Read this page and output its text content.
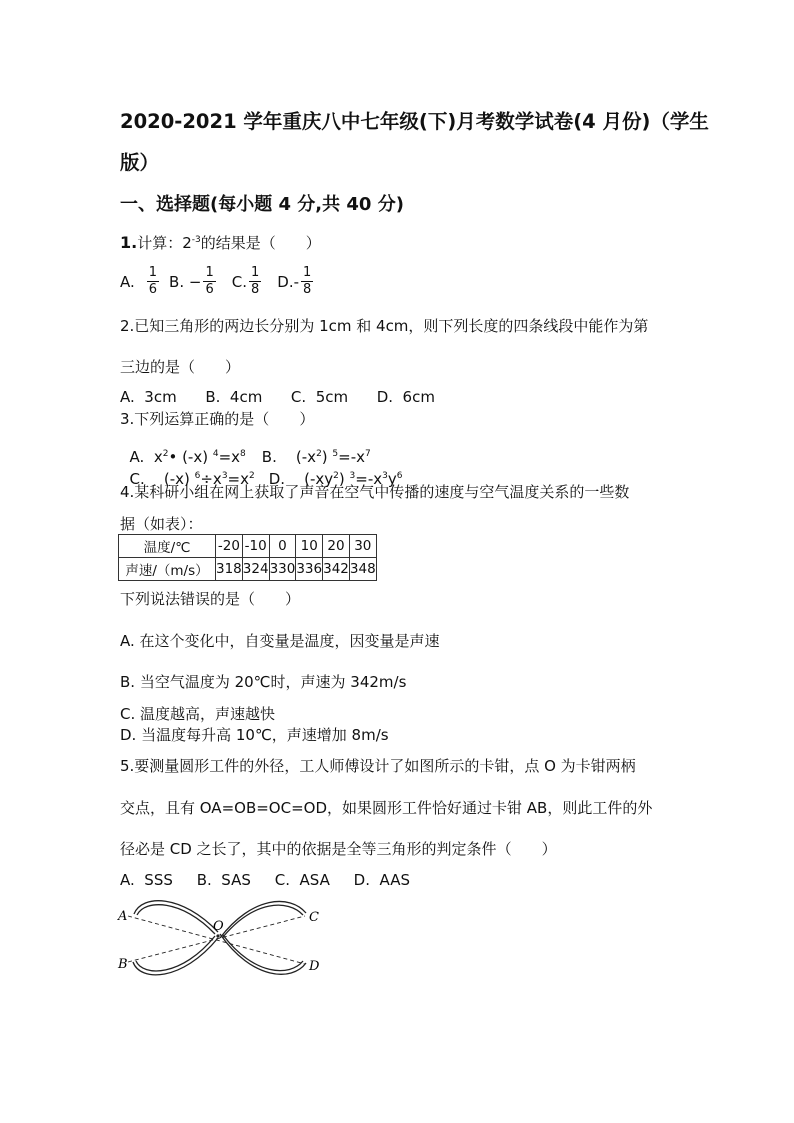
2020-2021 学年重庆八中七年级(下)月考数学试卷(4 月份)（学生
版）
一、选择题(每小题 4 分,共 40 分)
1.计算：$2^{-3}$的结果是（　　）
A. $\frac{1}{6} B$. − $\frac{1}{6} C$. $\frac{1}{8} D.- \frac{1}{8}$
2.已知三角形的两边长分别为 1cm 和 4cm，则下列长度的四条线段中能作为第
三边的是（　　）
A.  3cm      B.  4cm      C.  5cm      D.  6cm
3.下列运算正确的是（　　）

A.  $x^2•$ (-x) $^4=x^8$ B.    $(-x^2)$ $^5=-x^7$

C.    (-x) $^6\div x^3=x^2$ D.    $(-xy^2)$ $^3=-x^3y^6$

4.某科研小组在网上获取了声音在空气中传播的速度与空气温度关系的一些数
据（如表）：
温度/℃	-20	-10	0	10	20	30
声速/（m/s）	318	324	330	336	342	348
下列说法错误的是（　　）
A. 在这个变化中，自变量是温度，因变量是声速
B. 当空气温度为 20℃时，声速为 342m/s
C. 温度越高，声速越快
D. 当温度每升高 10℃，声速增加 8m/s
5.要测量圆形工件的外径，工人师傅设计了如图所示的卡钳，点 O 为卡钳两柄
交点，且有 OA=OB=OC=OD，如果圆形工件恰好通过卡钳 AB，则此工件的外
径必是 CD 之长了，其中的依据是全等三角形的判定条件（　　）
A.  SSS     B.  SAS     C.  ASA     D.  AAS
A
B
C
D
O
